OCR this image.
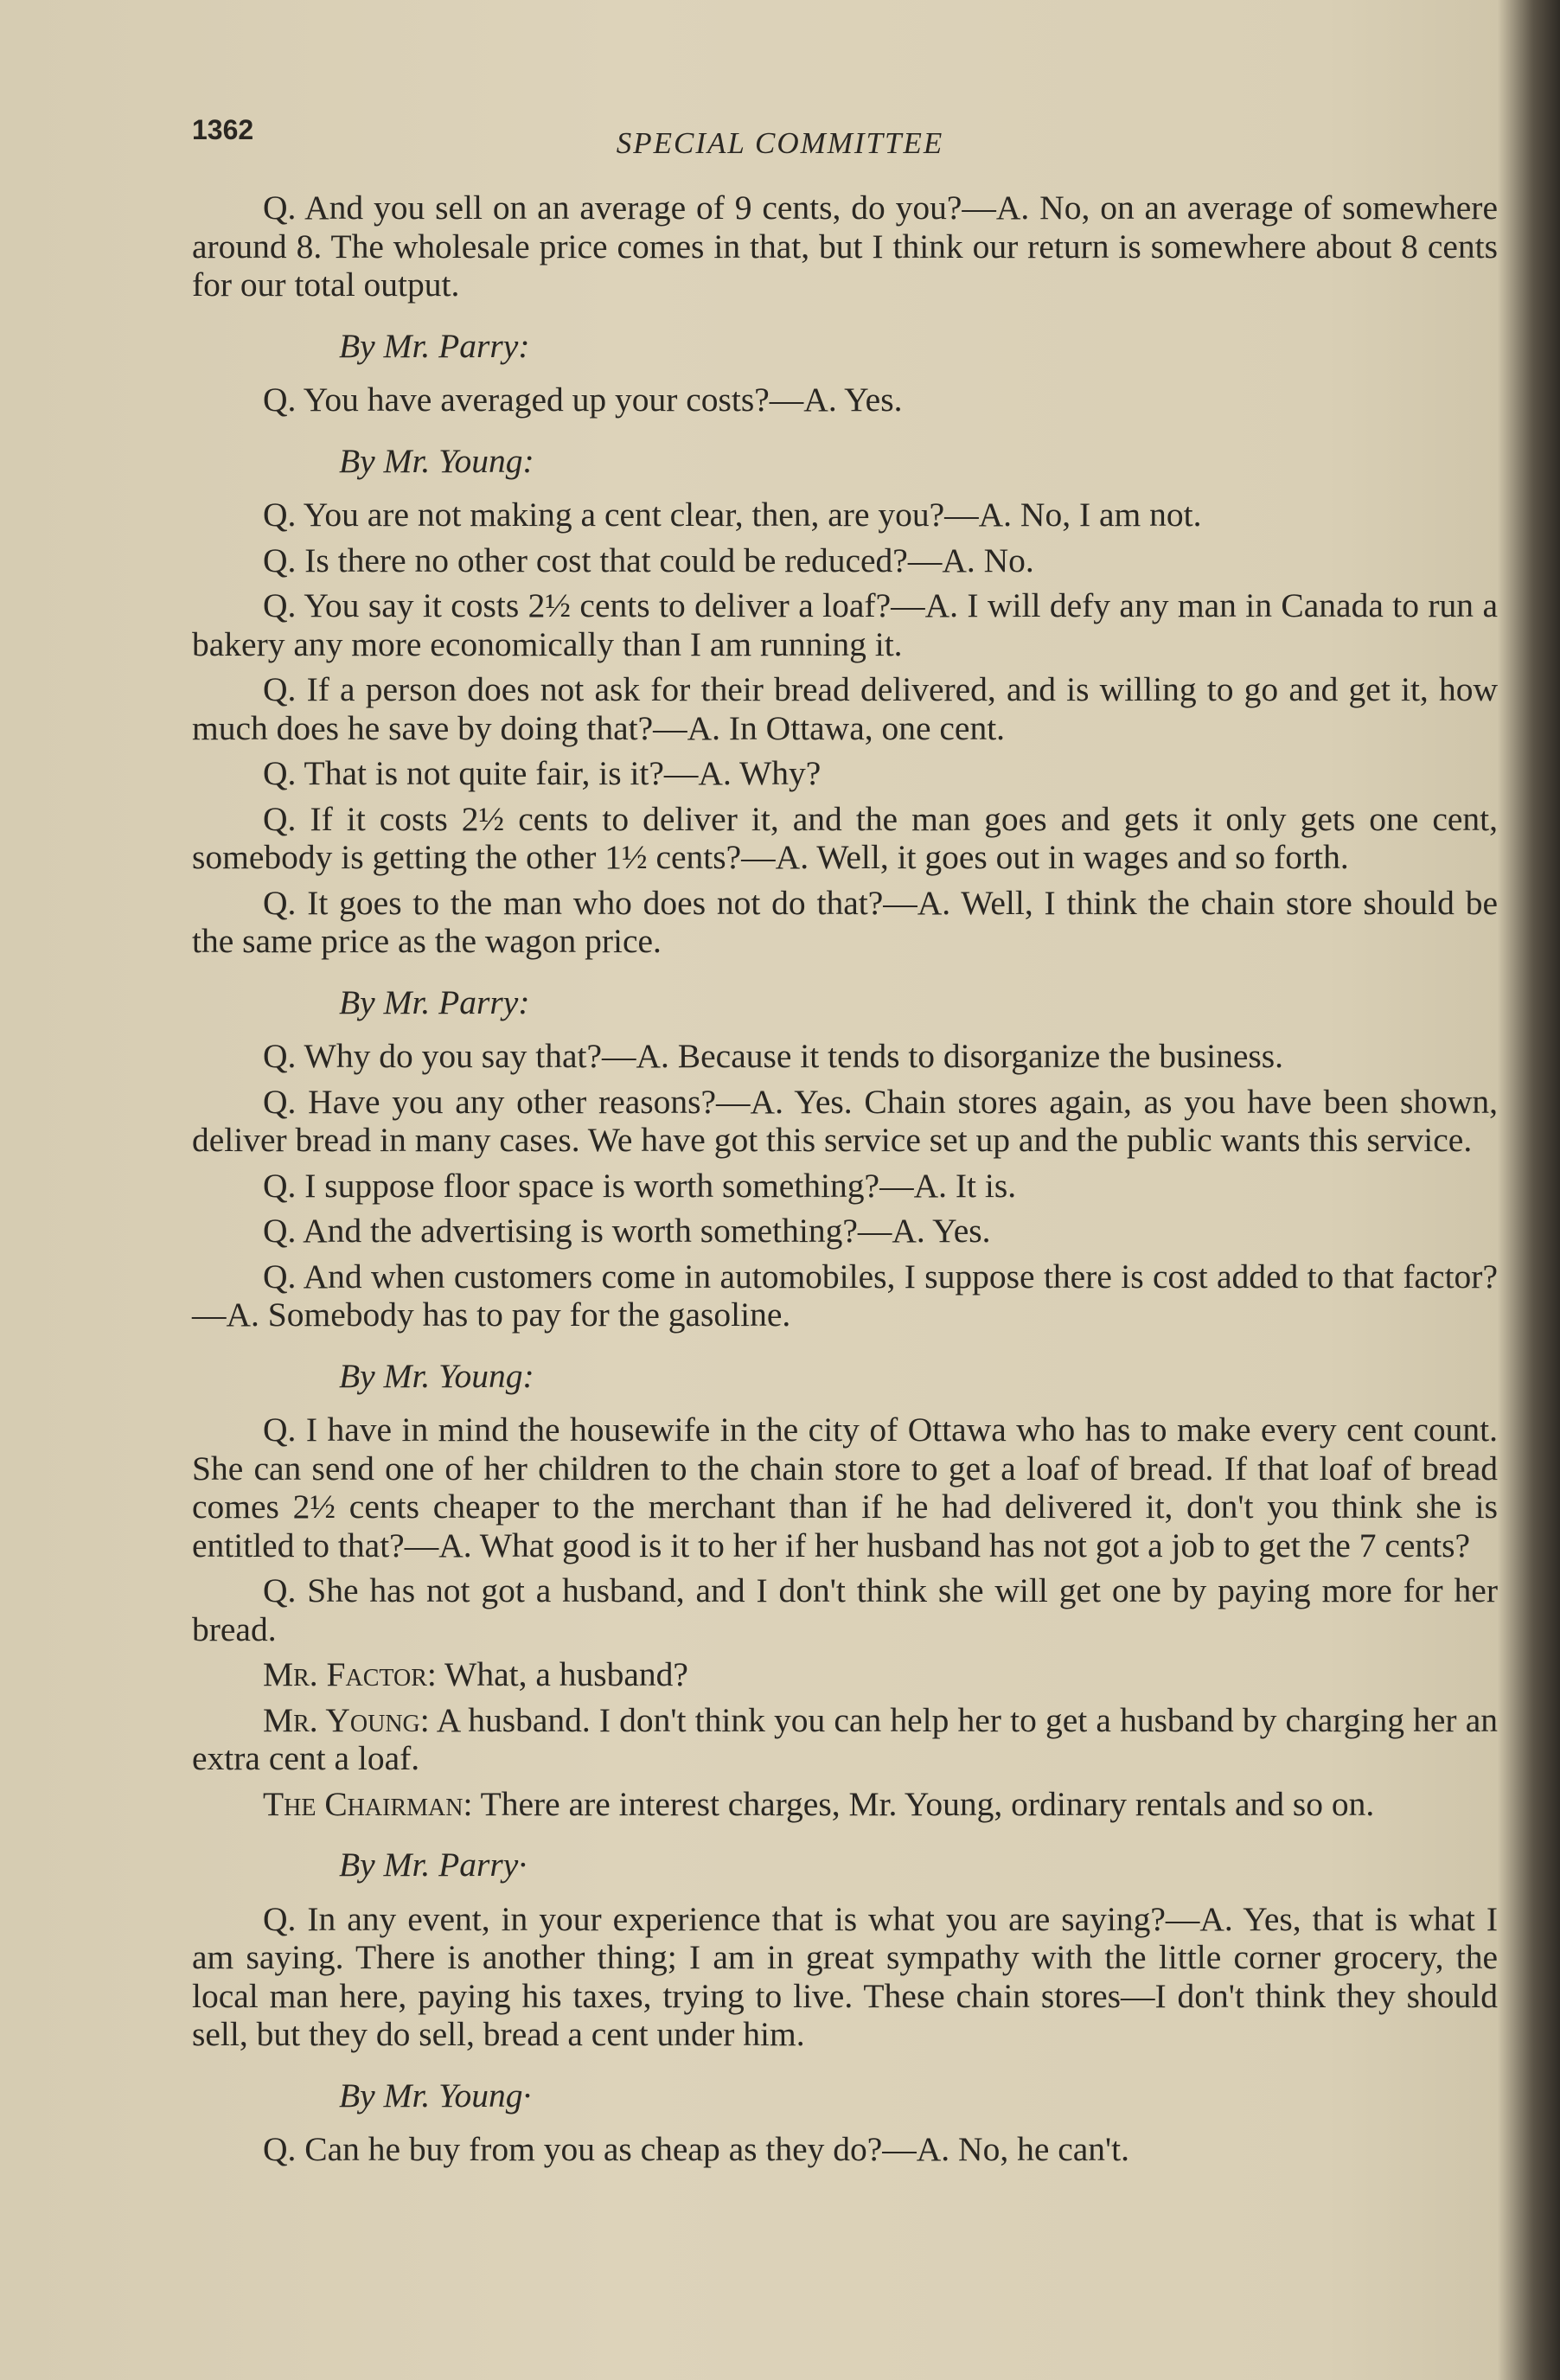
1362	SPECIAL COMMITTEE

Q. And you sell on an average of 9 cents, do you?—A. No, on an average of somewhere around 8. The wholesale price comes in that, but I think our return is somewhere about 8 cents for our total output.

By Mr. Parry:

Q. You have averaged up your costs?—A. Yes.

By Mr. Young:

Q. You are not making a cent clear, then, are you?—A. No, I am not.

Q. Is there no other cost that could be reduced?—A. No.

Q. You say it costs 2½ cents to deliver a loaf?—A. I will defy any man in Canada to run a bakery any more economically than I am running it.

Q. If a person does not ask for their bread delivered, and is willing to go and get it, how much does he save by doing that?—A. In Ottawa, one cent.

Q. That is not quite fair, is it?—A. Why?

Q. If it costs 2½ cents to deliver it, and the man goes and gets it only gets one cent, somebody is getting the other 1½ cents?—A. Well, it goes out in wages and so forth.

Q. It goes to the man who does not do that?—A. Well, I think the chain store should be the same price as the wagon price.

By Mr. Parry:

Q. Why do you say that?—A. Because it tends to disorganize the business.

Q. Have you any other reasons?—A. Yes. Chain stores again, as you have been shown, deliver bread in many cases. We have got this service set up and the public wants this service.

Q. I suppose floor space is worth something?—A. It is.

Q. And the advertising is worth something?—A. Yes.

Q. And when customers come in automobiles, I suppose there is cost added to that factor?—A. Somebody has to pay for the gasoline.

By Mr. Young:

Q. I have in mind the housewife in the city of Ottawa who has to make every cent count. She can send one of her children to the chain store to get a loaf of bread. If that loaf of bread comes 2½ cents cheaper to the merchant than if he had delivered it, don't you think she is entitled to that?—A. What good is it to her if her husband has not got a job to get the 7 cents?

Q. She has not got a husband, and I don't think she will get one by paying more for her bread.

Mr. Factor: What, a husband?

Mr. Young: A husband. I don't think you can help her to get a husband by charging her an extra cent a loaf.

The Chairman: There are interest charges, Mr. Young, ordinary rentals and so on.

By Mr. Parry·

Q. In any event, in your experience that is what you are saying?—A. Yes, that is what I am saying. There is another thing; I am in great sympathy with the little corner grocery, the local man here, paying his taxes, trying to live. These chain stores—I don't think they should sell, but they do sell, bread a cent under him.

By Mr. Young·

Q. Can he buy from you as cheap as they do?—A. No, he can't.
